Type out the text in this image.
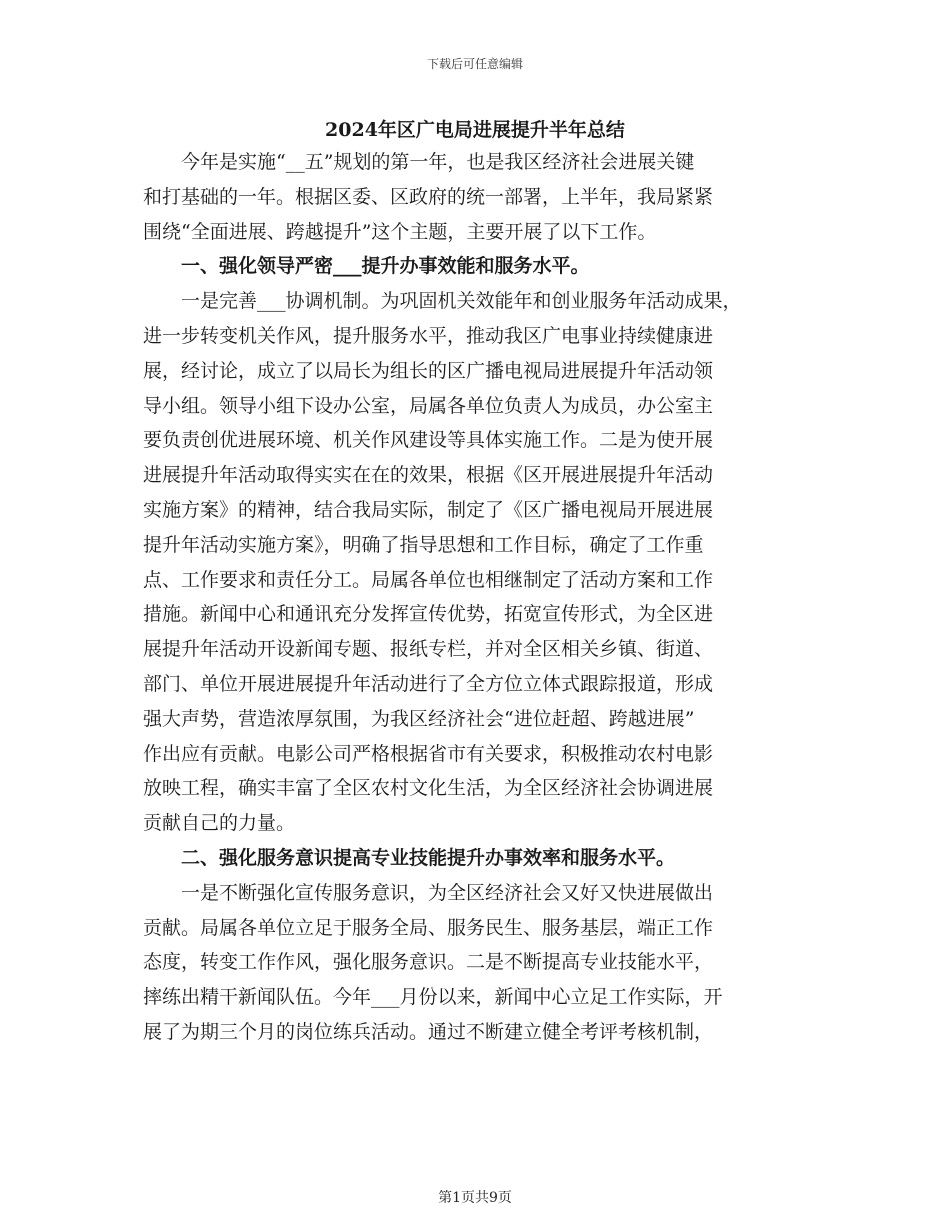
下载后可任意编辑
2024年区广电局进展提升半年总结
今年是实施“__五”规划的第一年，也是我区经济社会进展关键
和打基础的一年。根据区委、区政府的统一部署，上半年，我局紧紧
围绕“全面进展、跨越提升”这个主题，主要开展了以下工作。
一、强化领导严密___提升办事效能和服务水平。
一是完善___协调机制。为巩固机关效能年和创业服务年活动成果，
进一步转变机关作风，提升服务水平，推动我区广电事业持续健康进
展，经讨论，成立了以局长为组长的区广播电视局进展提升年活动领
导小组。领导小组下设办公室，局属各单位负责人为成员，办公室主
要负责创优进展环境、机关作风建设等具体实施工作。二是为使开展
进展提升年活动取得实实在在的效果，根据《区开展进展提升年活动
实施方案》的精神，结合我局实际，制定了《区广播电视局开展进展
提升年活动实施方案》，明确了指导思想和工作目标，确定了工作重
点、工作要求和责任分工。局属各单位也相继制定了活动方案和工作
措施。新闻中心和通讯充分发挥宣传优势，拓宽宣传形式，为全区进
展提升年活动开设新闻专题、报纸专栏，并对全区相关乡镇、街道、
部门、单位开展进展提升年活动进行了全方位立体式跟踪报道，形成
强大声势，营造浓厚氛围，为我区经济社会“进位赶超、跨越进展”
作出应有贡献。电影公司严格根据省市有关要求，积极推动农村电影
放映工程，确实丰富了全区农村文化生活，为全区经济社会协调进展
贡献自己的力量。
二、强化服务意识提高专业技能提升办事效率和服务水平。
一是不断强化宣传服务意识，为全区经济社会又好又快进展做出
贡献。局属各单位立足于服务全局、服务民生、服务基层，端正工作
态度，转变工作作风，强化服务意识。二是不断提高专业技能水平，
摔练出精干新闻队伍。今年___月份以来，新闻中心立足工作实际，开
展了为期三个月的岗位练兵活动。通过不断建立健全考评考核机制，
第1页共9页
